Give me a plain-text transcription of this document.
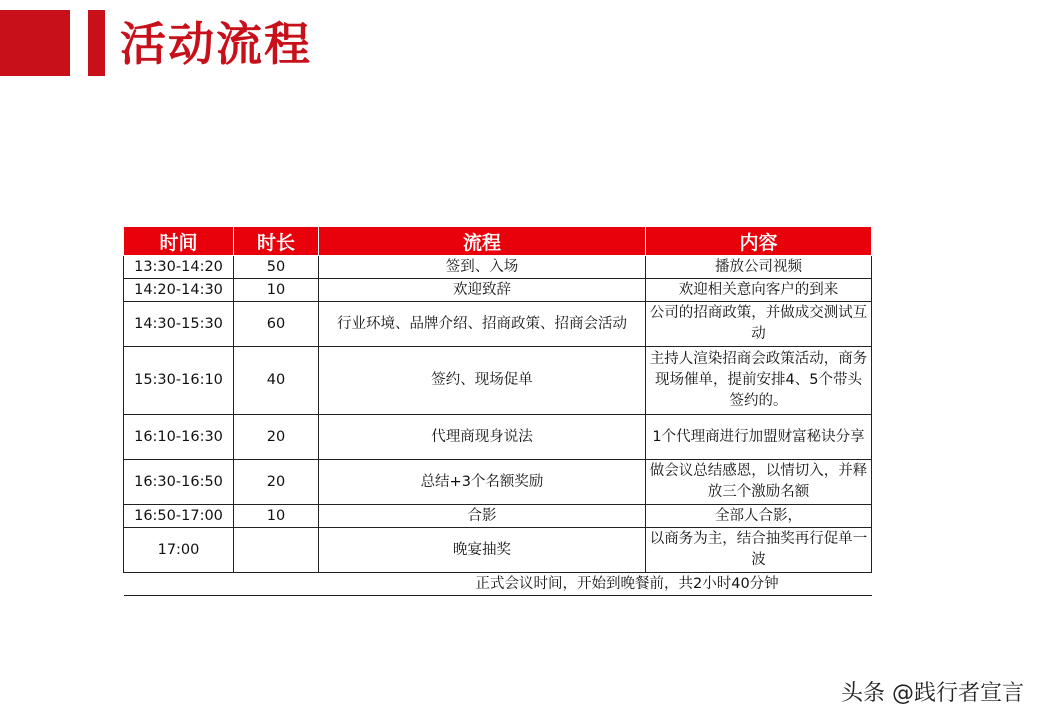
活动流程
时间	时长	流程	内容
13:30-14:20	50	签到、入场	播放公司视频
14:20-14:30	10	欢迎致辞	欢迎相关意向客户的到来
14:30-15:30	60	行业环境、品牌介绍、招商政策、招商会活动	公司的招商政策，并做成交测试互动
15:30-16:10	40	签约、现场促单	主持人渲染招商会政策活动，商务现场催单，提前安排4、5个带头签约的。
16:10-16:30	20	代理商现身说法	1个代理商进行加盟财富秘诀分享
16:30-16:50	20	总结+3个名额奖励	做会议总结感恩，以情切入，并释放三个激励名额
16:50-17:00	10	合影	全部人合影，
17:00		晚宴抽奖	以商务为主，结合抽奖再行促单一波
正式会议时间，开始到晚餐前，共2小时40分钟			
头条 @践行者宣言
